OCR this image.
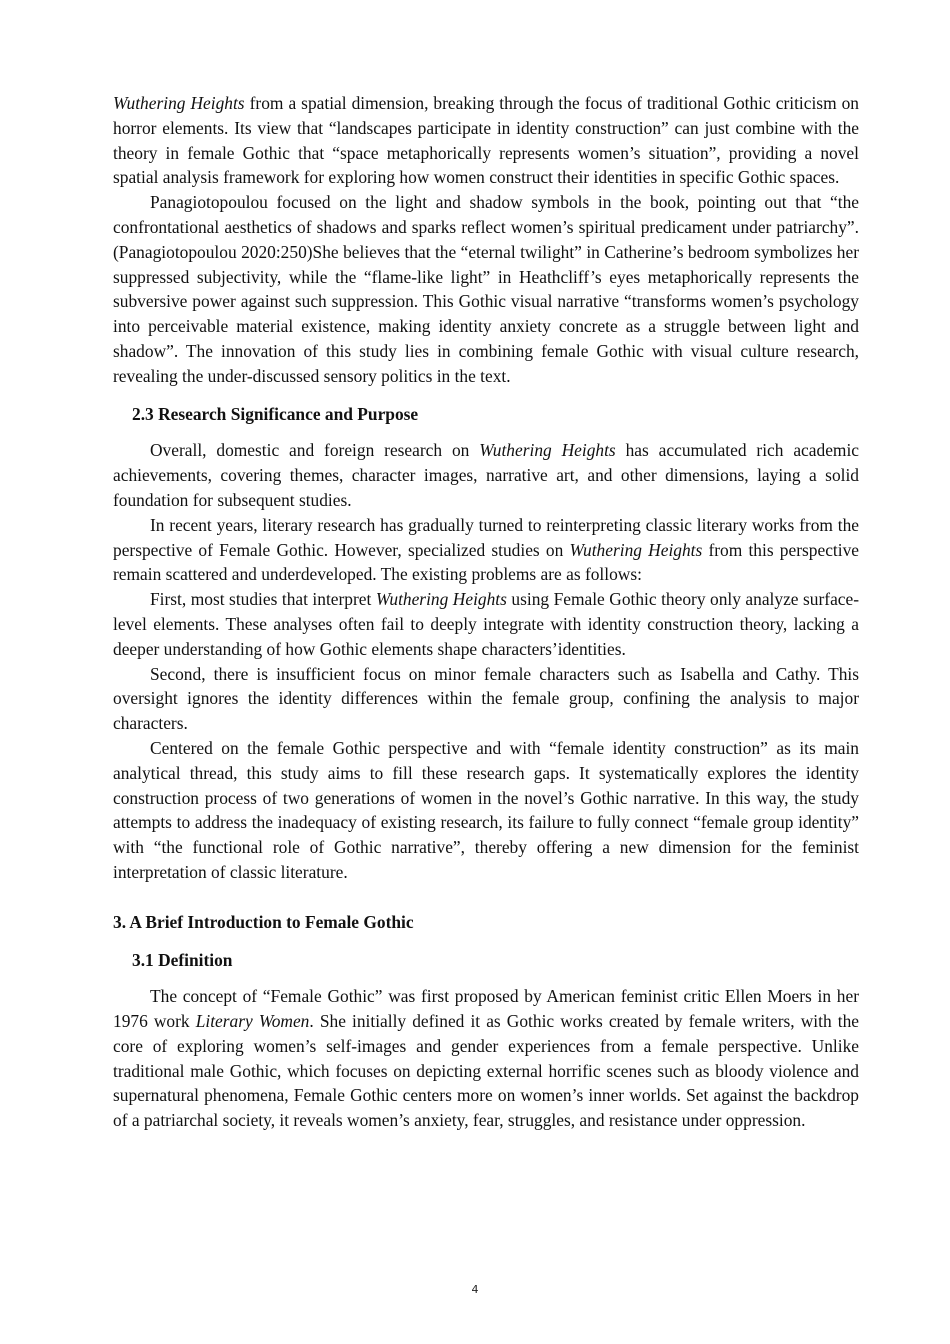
Wuthering Heights from a spatial dimension, breaking through the focus of traditional Gothic criticism on horror elements. Its view that “landscapes participate in identity construction” can just combine with the theory in female Gothic that “space metaphorically represents women’s situation”, providing a novel spatial analysis framework for exploring how women construct their identities in specific Gothic spaces.

Panagiotopoulou focused on the light and shadow symbols in the book, pointing out that “the confrontational aesthetics of shadows and sparks reflect women’s spiritual predicament under patriarchy”. (Panagiotopoulou 2020:250)She believes that the “eternal twilight” in Catherine’s bedroom symbolizes her suppressed subjectivity, while the “flame-like light” in Heathcliff’s eyes metaphorically represents the subversive power against such suppression. This Gothic visual narrative “transforms women’s psychology into perceivable material existence, making identity anxiety concrete as a struggle between light and shadow”. The innovation of this study lies in combining female Gothic with visual culture research, revealing the under-discussed sensory politics in the text.

2.3 Research Significance and Purpose

Overall, domestic and foreign research on Wuthering Heights has accumulated rich academic achievements, covering themes, character images, narrative art, and other dimensions, laying a solid foundation for subsequent studies.

In recent years, literary research has gradually turned to reinterpreting classic literary works from the perspective of Female Gothic. However, specialized studies on Wuthering Heights from this perspective remain scattered and underdeveloped. The existing problems are as follows:

First, most studies that interpret Wuthering Heights using Female Gothic theory only analyze surface-level elements. These analyses often fail to deeply integrate with identity construction theory, lacking a deeper understanding of how Gothic elements shape characters’identities.

Second, there is insufficient focus on minor female characters such as Isabella and Cathy. This oversight ignores the identity differences within the female group, confining the analysis to major characters.

Centered on the female Gothic perspective and with “female identity construction” as its main analytical thread, this study aims to fill these research gaps. It systematically explores the identity construction process of two generations of women in the novel’s Gothic narrative. In this way, the study attempts to address the inadequacy of existing research, its failure to fully connect “female group identity” with “the functional role of Gothic narrative”, thereby offering a new dimension for the feminist interpretation of classic literature.

3. A Brief Introduction to Female Gothic
3.1 Definition

The concept of “Female Gothic” was first proposed by American feminist critic Ellen Moers in her 1976 work Literary Women. She initially defined it as Gothic works created by female writers, with the core of exploring women’s self-images and gender experiences from a female perspective. Unlike traditional male Gothic, which focuses on depicting external horrific scenes such as bloody violence and supernatural phenomena, Female Gothic centers more on women’s inner worlds. Set against the backdrop of a patriarchal society, it reveals women’s anxiety, fear, struggles, and resistance under oppression.

4
